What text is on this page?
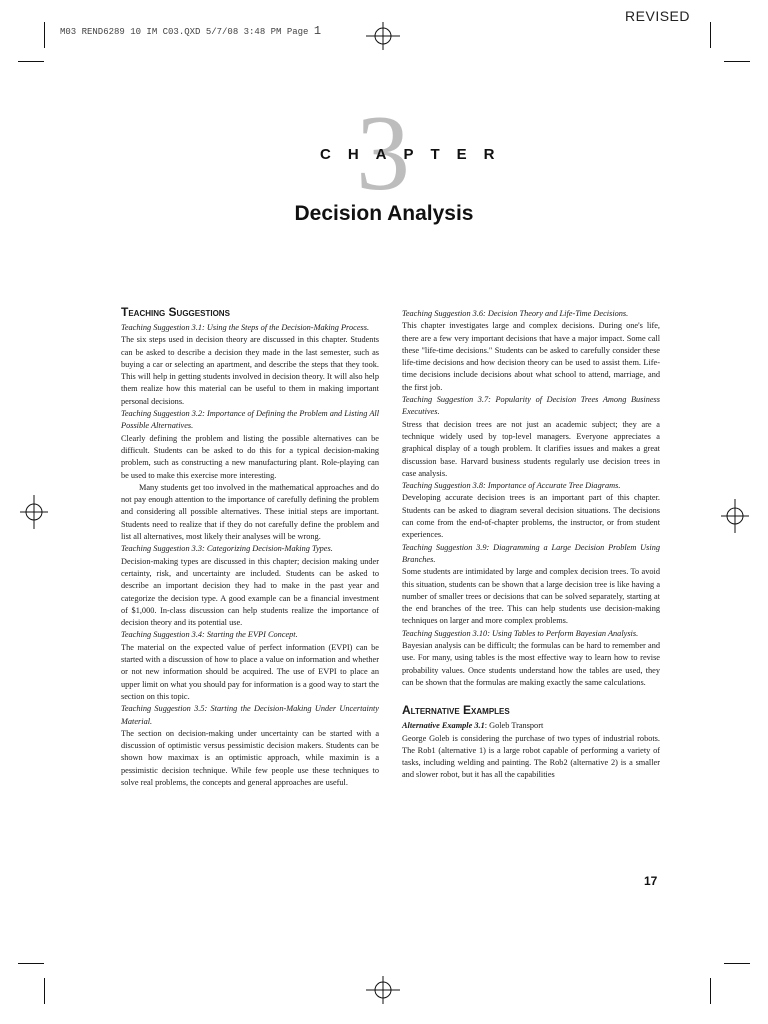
M03 REND6289 10 IM C03.QXD 5/7/08 3:48 PM Page 1
REVISED
3
CHAPTER
Decision Analysis
Teaching Suggestions

Teaching Suggestion 3.1: Using the Steps of the Decision-Making Process.

The six steps used in decision theory are discussed in this chapter. Students can be asked to describe a decision they made in the last semester, such as buying a car or selecting an apartment, and describe the steps that they took. This will help in getting students involved in decision theory. It will also help them realize how this material can be useful to them in making important personal decisions.

Teaching Suggestion 3.2: Importance of Defining the Problem and Listing All Possible Alternatives.

Clearly defining the problem and listing the possible alternatives can be difficult. Students can be asked to do this for a typical decision-making problem, such as constructing a new manufacturing plant. Role-playing can be used to make this exercise more interesting.

Many students get too involved in the mathematical approaches and do not pay enough attention to the importance of carefully defining the problem and considering all possible alternatives. These initial steps are important. Students need to realize that if they do not carefully define the problem and list all alternatives, most likely their analyses will be wrong.

Teaching Suggestion 3.3: Categorizing Decision-Making Types.

Decision-making types are discussed in this chapter; decision making under certainty, risk, and uncertainty are included. Students can be asked to describe an important decision they had to make in the past year and categorize the decision type. A good example can be a financial investment of $1,000. In-class discussion can help students realize the importance of decision theory and its potential use.

Teaching Suggestion 3.4: Starting the EVPI Concept.

The material on the expected value of perfect information (EVPI) can be started with a discussion of how to place a value on information and whether or not new information should be acquired. The use of EVPI to place an upper limit on what you should pay for information is a good way to start the section on this topic.

Teaching Suggestion 3.5: Starting the Decision-Making Under Uncertainty Material.

The section on decision-making under uncertainty can be started with a discussion of optimistic versus pessimistic decision makers. Students can be shown how maximax is an optimistic approach, while maximin is a pessimistic decision technique. While few people use these techniques to solve real problems, the concepts and general approaches are useful.

Teaching Suggestion 3.6: Decision Theory and Life-Time Decisions.

This chapter investigates large and complex decisions. During one's life, there are a few very important decisions that have a major impact. Some call these "life-time decisions." Students can be asked to carefully consider these life-time decisions and how decision theory can be used to assist them. Life-time decisions include decisions about what school to attend, marriage, and the first job.

Teaching Suggestion 3.7: Popularity of Decision Trees Among Business Executives.

Stress that decision trees are not just an academic subject; they are a technique widely used by top-level managers. Everyone appreciates a graphical display of a tough problem. It clarifies issues and makes a great discussion base. Harvard business students regularly use decision trees in case analysis.

Teaching Suggestion 3.8: Importance of Accurate Tree Diagrams.

Developing accurate decision trees is an important part of this chapter. Students can be asked to diagram several decision situations. The decisions can come from the end-of-chapter problems, the instructor, or from student experiences.

Teaching Suggestion 3.9: Diagramming a Large Decision Problem Using Branches.

Some students are intimidated by large and complex decision trees. To avoid this situation, students can be shown that a large decision tree is like having a number of smaller trees or decisions that can be solved separately, starting at the end branches of the tree. This can help students use decision-making techniques on larger and more complex problems.

Teaching Suggestion 3.10: Using Tables to Perform Bayesian Analysis.

Bayesian analysis can be difficult; the formulas can be hard to remember and use. For many, using tables is the most effective way to learn how to revise probability values. Once students understand how the tables are used, they can be shown that the formulas are making exactly the same calculations.

Alternative Examples

Alternative Example 3.1: Goleb Transport

George Goleb is considering the purchase of two types of industrial robots. The Rob1 (alternative 1) is a large robot capable of performing a variety of tasks, including welding and painting. The Rob2 (alternative 2) is a smaller and slower robot, but it has all the capabilities

17
